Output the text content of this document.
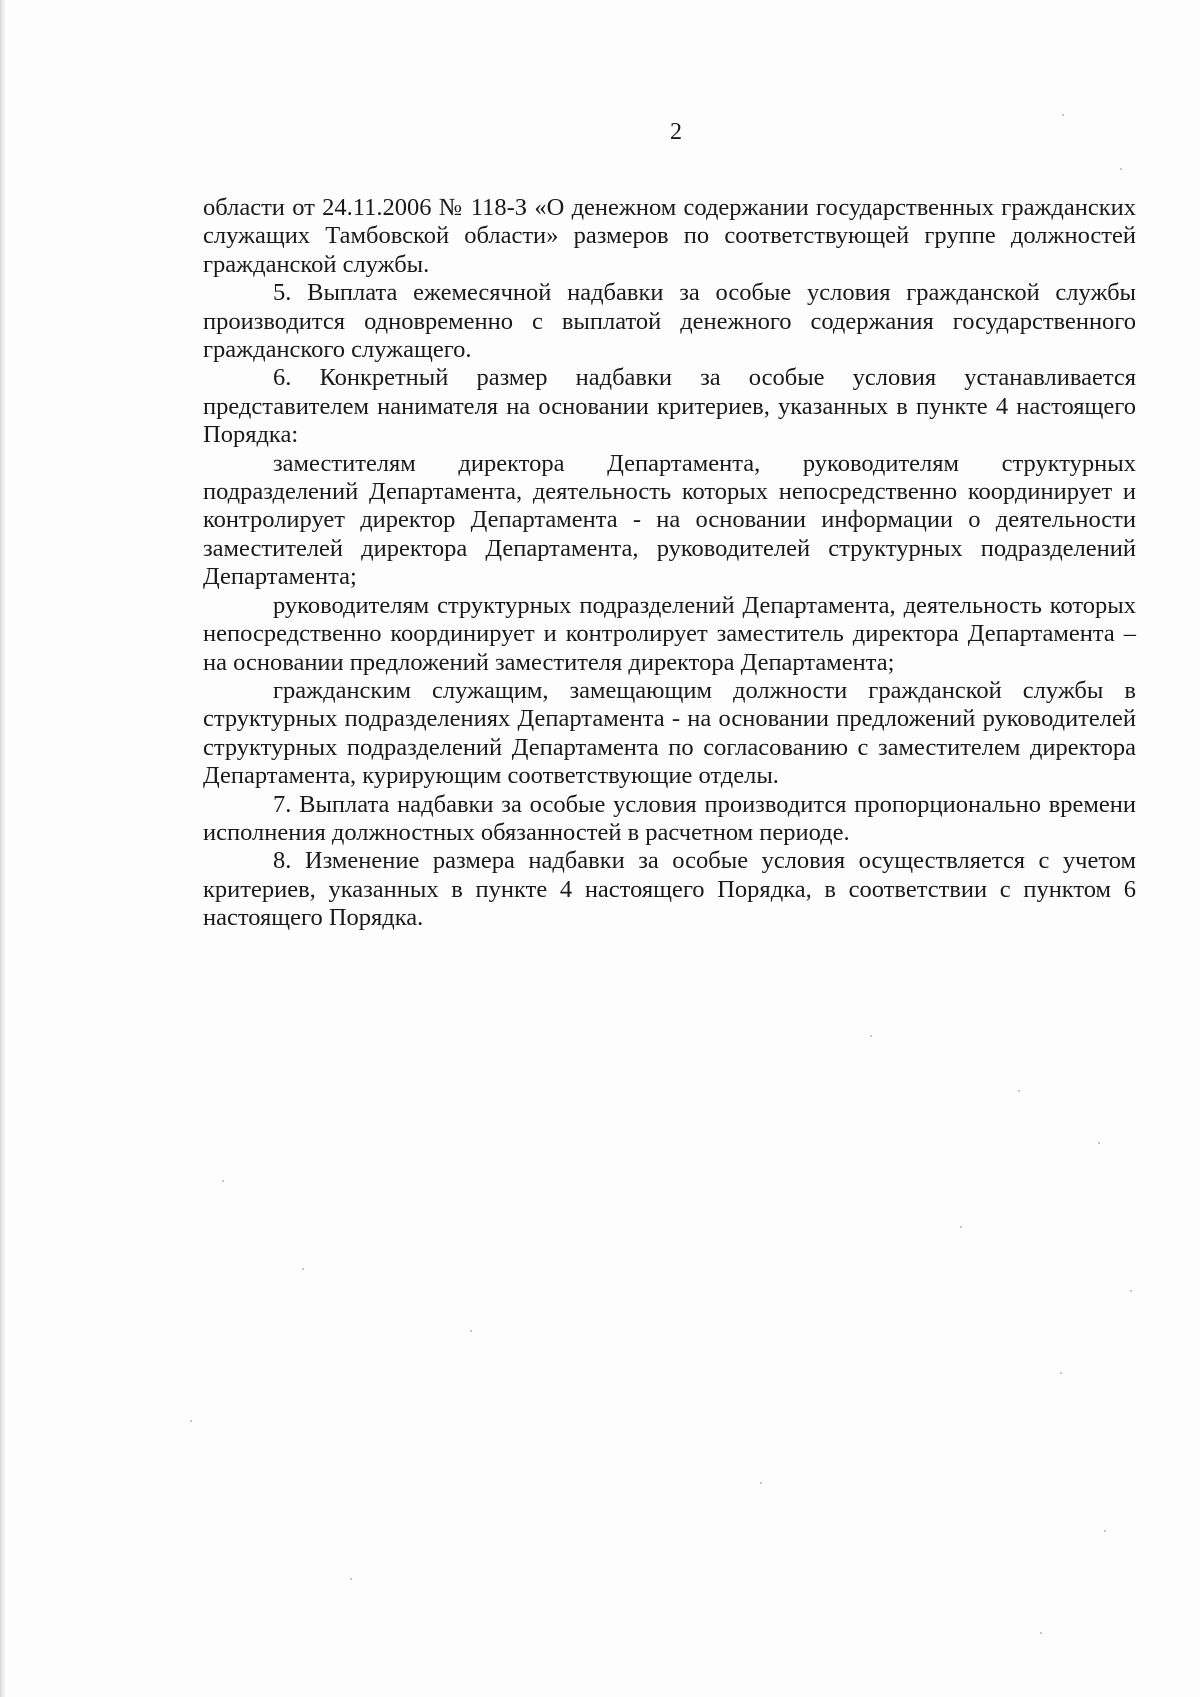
2

области от 24.11.2006 № 118-З «О денежном содержании государственных гражданских служащих Тамбовской области» размеров по соответствующей группе должностей гражданской службы.

5. Выплата ежемесячной надбавки за особые условия гражданской службы производится одновременно с выплатой денежного содержания государственного гражданского служащего.

6. Конкретный размер надбавки за особые условия устанавливается представителем нанимателя на основании критериев, указанных в пункте 4 настоящего Порядка:

заместителям директора Департамента, руководителям структурных подразделений Департамента, деятельность которых непосредственно координирует и контролирует директор Департамента - на основании информации о деятельности заместителей директора Департамента, руководителей структурных подразделений Департамента;

руководителям структурных подразделений Департамента, деятельность которых непосредственно координирует и контролирует заместитель директора Департамента – на основании предложений заместителя директора Департамента;

гражданским служащим, замещающим должности гражданской службы в структурных подразделениях Департамента - на основании предложений руководителей структурных подразделений Департамента по согласованию с заместителем директора Департамента, курирующим соответствующие отделы.

7. Выплата надбавки за особые условия производится пропорционально времени исполнения должностных обязанностей в расчетном периоде.

8. Изменение размера надбавки за особые условия осуществляется с учетом критериев, указанных в пункте 4 настоящего Порядка, в соответствии с пунктом 6 настоящего Порядка.
